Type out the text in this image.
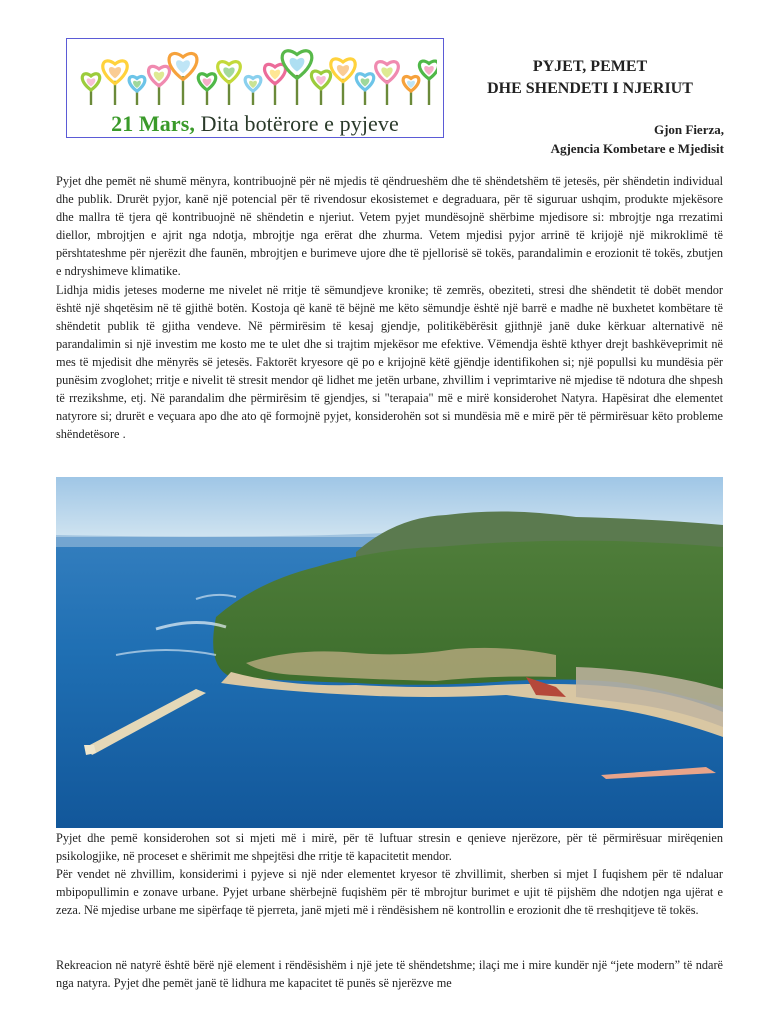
21 Mars, Dita botërore e pyjeve
PYJET, PEMET
DHE SHENDETI I NJERIUT
Gjon Fierza,
Agjencia Kombetare e Mjedisit

Pyjet dhe pemët në shumë mënyra, kontribuojnë për në mjedis të qëndrueshëm dhe të shëndetshëm të jetesës, për shëndetin individual dhe publik. Drurët pyjor, kanë një potencial për të rivendosur ekosistemet e degraduara, për të siguruar ushqim, produkte mjekësore dhe mallra të tjera që kontribuojnë në shëndetin e njeriut. Vetem pyjet mundësojnë shërbime mjedisore si: mbrojtje nga rrezatimi diellor, mbrojtjen e ajrit nga ndotja, mbrojtje nga erërat dhe zhurma. Vetem mjedisi pyjor arrinë të krijojë një mikroklimë të përshtateshme për njerëzit dhe faunën, mbrojtjen e burimeve ujore dhe të pjellorisë së tokës, parandalimin e erozionit të tokës, zbutjen e ndryshimeve klimatike.

Lidhja midis jeteses moderne me nivelet në rritje të sëmundjeve kronike; të zemrës, obeziteti, stresi dhe shëndetit të dobët mendor është një shqetësim në të gjithë botën. Kostoja që kanë të bëjnë me këto sëmundje është një barrë e madhe në buxhetet kombëtare të shëndetit publik të gjitha vendeve. Në përmirësim të kesaj gjendje, politikëbërësit gjithnjë janë duke kërkuar alternativë në parandalimin si një investim me kosto me te ulet dhe si trajtim mjekësor me efektive. Vëmendja është kthyer drejt bashkëveprimit në mes të mjedisit dhe mënyrës së jetesës. Faktorët kryesore që po e krijojnë këtë gjëndje identifikohen si; një popullsi ku mundësia për punësim zvoglohet; rritje e nivelit të stresit mendor që lidhet me jetën urbane, zhvillim i veprimtarive në mjedise të ndotura dhe shpesh të rrezikshme, etj. Në parandalim dhe përmirësim të gjendjes, si "terapaia" më e mirë konsiderohet Natyra. Hapësirat dhe elementet natyrore si; drurët e veçuara apo dhe ato që formojnë pyjet, konsiderohën sot si mundësia më e mirë për të përmirësuar këto probleme shëndetësore .

Pyjet dhe pemë konsiderohen sot si mjeti më i mirë, për të luftuar stresin e qenieve njerëzore, për të përmirësuar mirëqenien psikologjike, në proceset e shërimit me shpejtësi dhe rritje të kapacitetit mendor.

Për vendet në zhvillim, konsiderimi i pyjeve si një nder elementet kryesor të zhvillimit, sherben si mjet I fuqishem për të ndaluar mbipopullimin e zonave urbane. Pyjet urbane shërbejnë fuqishëm për të mbrojtur burimet e ujit të pijshëm dhe ndotjen nga ujërat e zeza. Në mjedise urbane me sipërfaqe të pjerreta, janë mjeti më i rëndësishem në kontrollin e erozionit dhe të rreshqitjeve të tokës.

Rekreacion në natyrë është bërë një element i rëndësishëm i një jete të shëndetshme; ilaçi me i mire kundër një “jete modern” të ndarë nga natyra. Pyjet dhe pemët janë të lidhura me kapacitet të punës së njerëzve me
